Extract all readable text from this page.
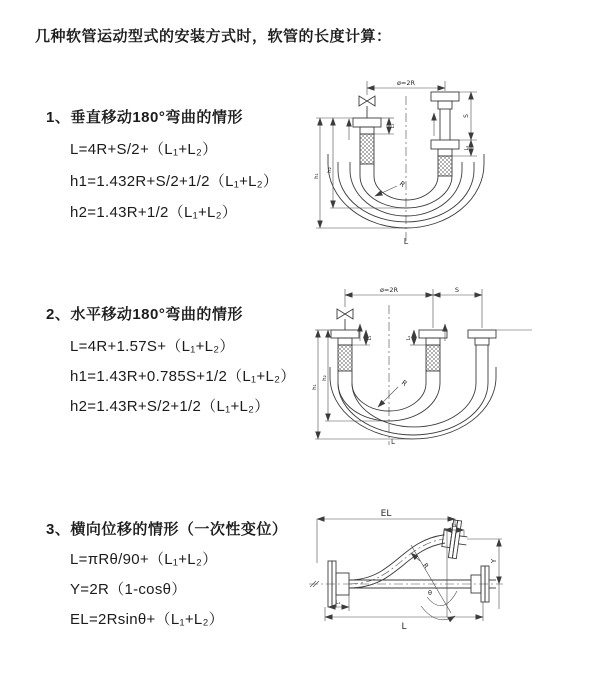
几种软管运动型式的安装方式时，软管的长度计算：
1、垂直移动180°弯曲的情形
L=4R+S/2+（L₁+L₂）
h1=1.432R+S/2+1/2（L₁+L₂）
h2=1.43R+1/2（L₁+L₂）
2、水平移动180°弯曲的情形
L=4R+1.57S+（L₁+L₂）
h1=1.43R+0.785S+1/2（L₁+L₂）
h2=1.43R+S/2+1/2（L₁+L₂）
3、横向位移的情形（一次性变位）
L=πRθ/90+（L₁+L₂）
Y=2R（1-cosθ）
EL=2Rsinθ+（L₁+L₂）
ø=2R
h₁
h₂
L₁
S
L₂
R
L
ø=2R	S
h₁
h₂
L₁	L₂
R
L
EL
L₂
θ
R
Y
L₁
L
